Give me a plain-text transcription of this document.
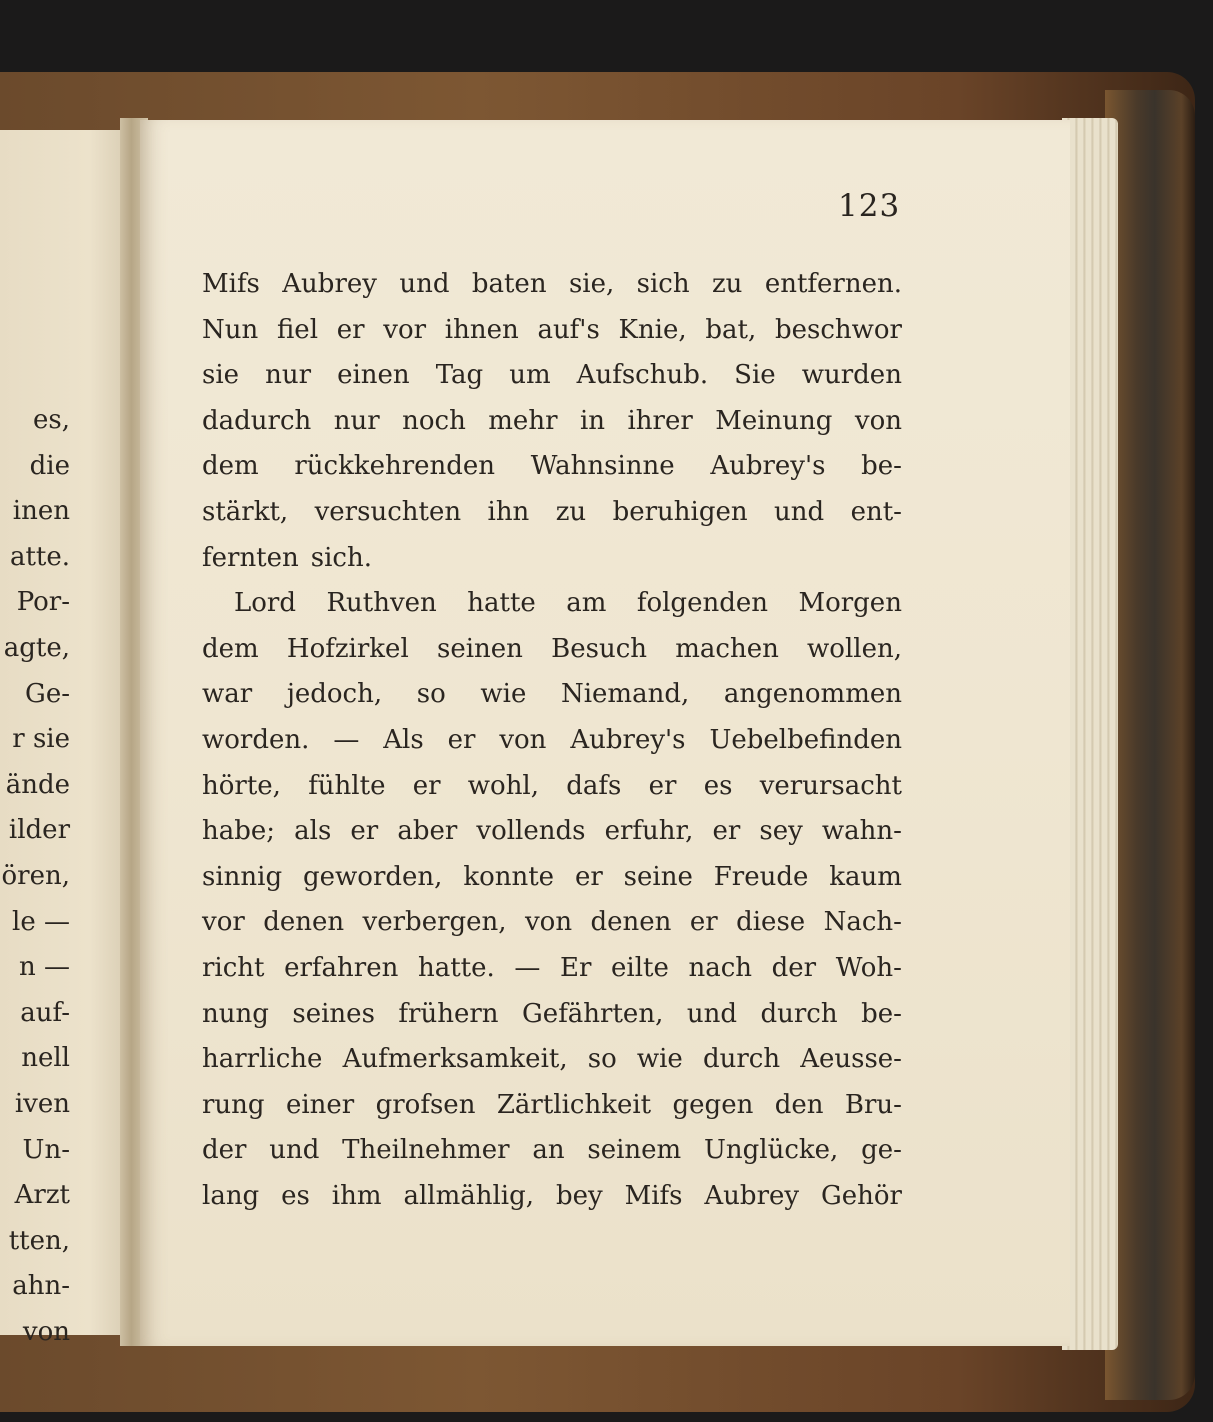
es,
die
inen
atte.
Por-
agte,
Ge-
r sie
ände
ilder
ören,
le —
n —
auf-
nell
iven
Un-
Arzt
tten,
ahn-
von
123
Mifs Aubrey und baten sie, sich zu entfernen.
Nun fiel er vor ihnen auf's Knie, bat, beschwor
sie nur einen Tag um Aufschub. Sie wurden
dadurch nur noch mehr in ihrer Meinung von
dem rückkehrenden Wahnsinne Aubrey's be-
stärkt, versuchten ihn zu beruhigen und ent-
fernten sich.
Lord Ruthven hatte am folgenden Morgen
dem Hofzirkel seinen Besuch machen wollen,
war jedoch, so wie Niemand, angenommen
worden. — Als er von Aubrey's Uebelbefinden
hörte, fühlte er wohl, dafs er es verursacht
habe; als er aber vollends erfuhr, er sey wahn-
sinnig geworden, konnte er seine Freude kaum
vor denen verbergen, von denen er diese Nach-
richt erfahren hatte. — Er eilte nach der Woh-
nung seines frühern Gefährten, und durch be-
harrliche Aufmerksamkeit, so wie durch Aeusse-
rung einer grofsen Zärtlichkeit gegen den Bru-
der und Theilnehmer an seinem Unglücke, ge-
lang es ihm allmählig, bey Mifs Aubrey Gehör
